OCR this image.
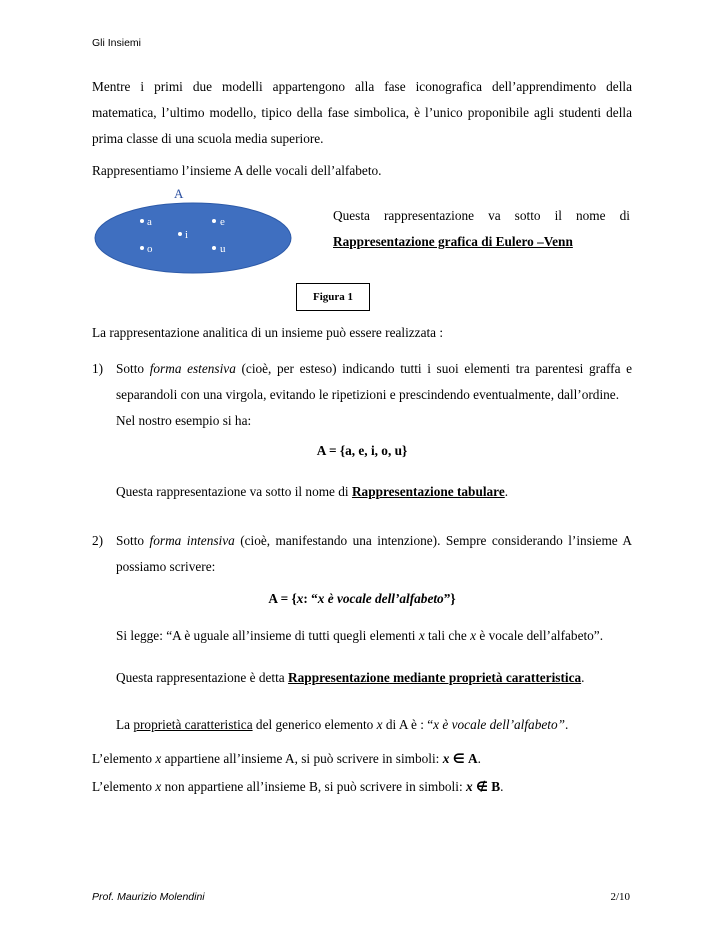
Gli Insiemi
Mentre i primi due modelli appartengono alla fase iconografica dell’apprendimento della
matematica, l’ultimo modello, tipico della fase simbolica, è l’unico proponibile agli studenti della
prima classe di una scuola media superiore.
Rappresentiamo l’insieme A delle vocali dell’alfabeto.
A
a	e
i
o	u
Questa rappresentazione va sotto il nome di
Rappresentazione grafica di Eulero –Venn
Figura 1
La rappresentazione analitica di un insieme può essere realizzata :
1) Sotto forma estensiva (cioè, per esteso) indicando tutti i suoi elementi tra parentesi graffa e
separandoli con una virgola, evitando le ripetizioni e prescindendo eventualmente, dall’ordine.
Nel nostro esempio si ha:
A = {a, e, i, o, u}
Questa rappresentazione va sotto il nome di Rappresentazione tabulare.
2) Sotto forma intensiva (cioè, manifestando una intenzione). Sempre considerando l’insieme A
possiamo scrivere:
A = {x: “x è vocale dell’alfabeto”}
Si legge: “A è uguale all’insieme di tutti quegli elementi x tali che x è vocale dell’alfabeto”.
Questa rappresentazione è detta Rappresentazione mediante proprietà caratteristica.
La proprietà caratteristica del generico elemento x di A è : “x è vocale dell’alfabeto”.
L’elemento x appartiene all’insieme A, si può scrivere in simboli: x ∈ A.
L’elemento x non appartiene all’insieme B, si può scrivere in simboli: x ∉ B.
Prof. Maurizio Molendini	2/10
